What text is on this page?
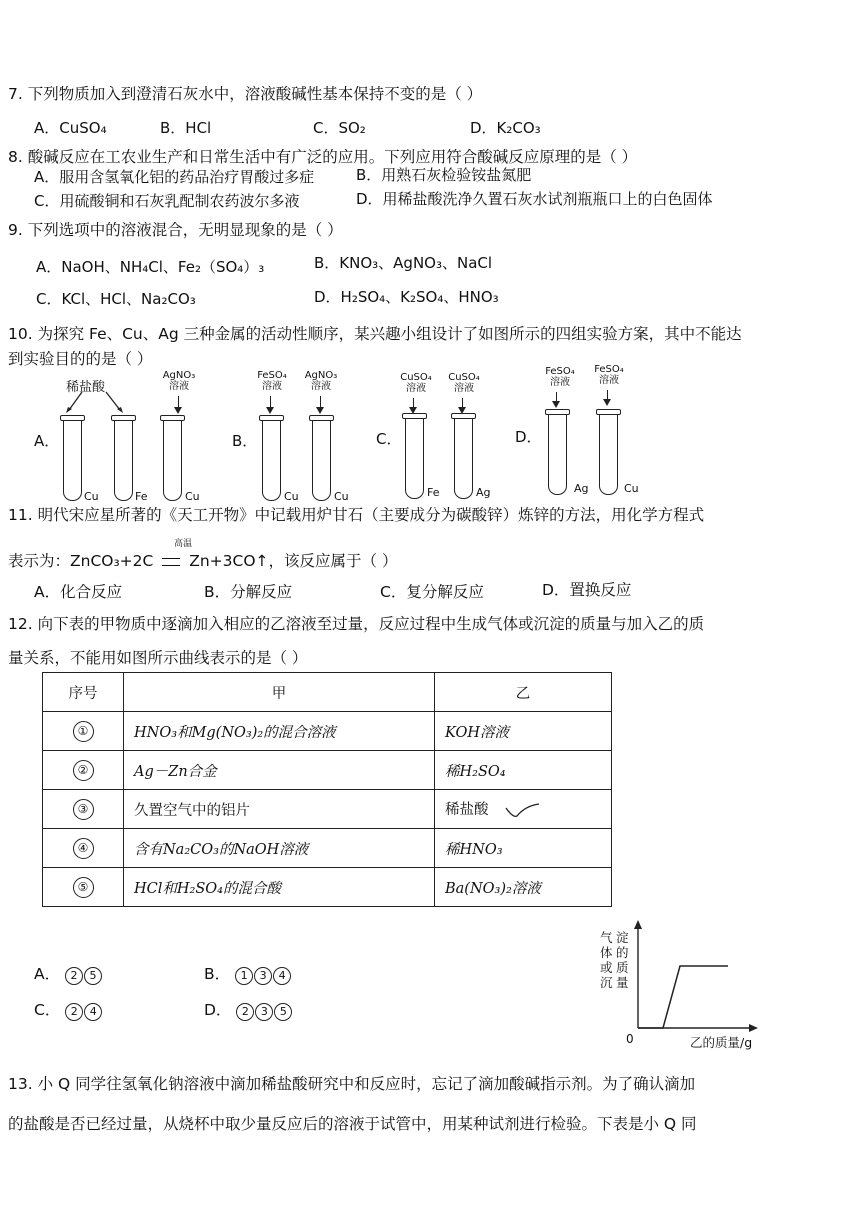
7. 下列物质加入到澄清石灰水中，溶液酸碱性基本保持不变的是（ ）
A．CuSO₄	B．HCl	C．SO₂	D．K₂CO₃
8. 酸碱反应在工农业生产和日常生活中有广泛的应用。下列应用符合酸碱反应原理的是（ ）
A．服用含氢氧化铝的药品治疗胃酸过多症	B．用熟石灰检验铵盐氮肥
C．用硫酸铜和石灰乳配制农药波尔多液	D．用稀盐酸洗净久置石灰水试剂瓶瓶口上的白色固体
9. 下列选项中的溶液混合，无明显现象的是（ ）
A．NaOH、NH₄Cl、Fe₂（SO₄）₃	B．KNO₃、AgNO₃、NaCl
C．KCl、HCl、Na₂CO₃	D．H₂SO₄、K₂SO₄、HNO₃
10. 为探究 Fe、Cu、Ag 三种金属的活动性顺序，某兴趣小组设计了如图所示的四组实验方案，其中不能达
到实验目的的是（ ）
A．
稀盐酸
AgNO₃
溶液
Cu	Fe	Cu
B．
FeSO₄
溶液
AgNO₃
溶液
Cu	Cu
C．
CuSO₄
溶液
CuSO₄
溶液
Fe	Ag
D．
FeSO₄
溶液
FeSO₄
溶液
Ag	Cu
11. 明代宋应星所著的《天工开物》中记载用炉甘石（主要成分为碳酸锌）炼锌的方法，用化学方程式
高温
表示为：ZnCO₃+2C Zn+3CO↑，该反应属于（ ）
A．化合反应	B．分解反应	C．复分解反应	D．置换反应
12. 向下表的甲物质中逐滴加入相应的乙溶液至过量，反应过程中生成气体或沉淀的质量与加入乙的质
量关系，不能用如图所示曲线表示的是（ ）
序号	甲	乙
①	HNO₃和Mg(NO₃)₂的混合溶液	KOH溶液
②	Ag－Zn合金	稀H₂SO₄
③	久置空气中的铝片	稀盐酸
④	含有Na₂CO₃的NaOH溶液	稀HNO₃
⑤	HCl和H₂SO₄的混合酸	Ba(NO₃)₂溶液
A． 2 5	B． 1 3 4
C． 2 4	D． 2 3 5
气体或沉
淀的质量
0	乙的质量/g
13. 小 Q 同学往氢氧化钠溶液中滴加稀盐酸研究中和反应时，忘记了滴加酸碱指示剂。为了确认滴加
的盐酸是否已经过量，从烧杯中取少量反应后的溶液于试管中，用某种试剂进行检验。下表是小 Q 同
